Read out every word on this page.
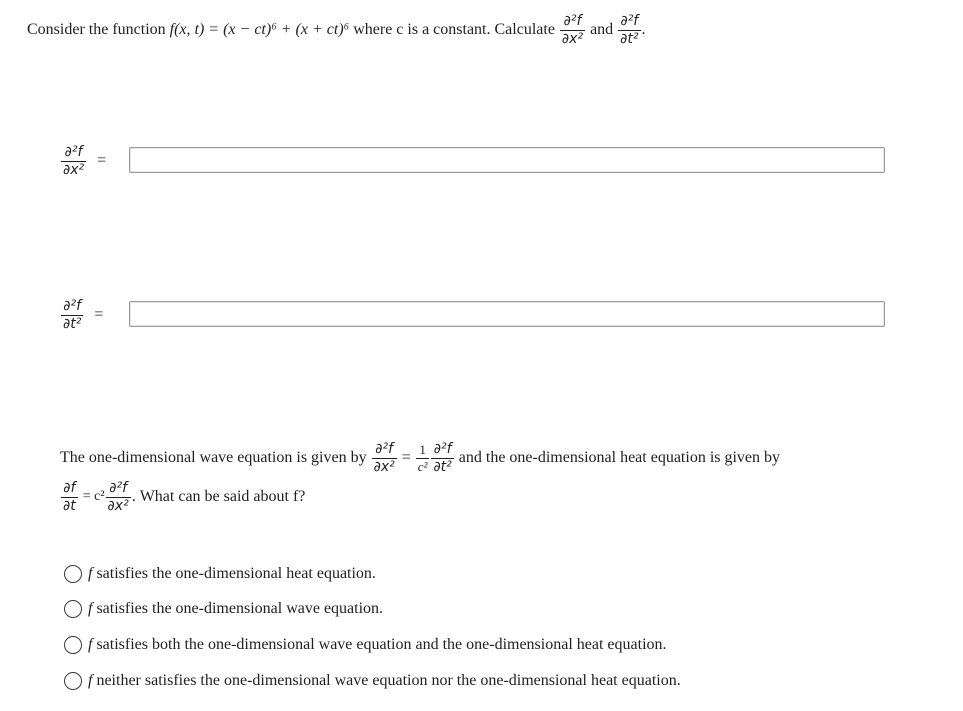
Consider the function
f(x, t) = (x − ct)⁶ + (x + ct)⁶
where c is a constant. Calculate
$\frac{\text{∂²f}}{\text{∂x²}}$
and
$\frac{\text{∂²f}}{\text{∂t²}}$ .
$\frac{\text{∂²f}}{\text{∂x²}}$ =
$\frac{\text{∂²f}}{\text{∂t²}}$ =
The one-dimensional wave equation is given by
$\frac{\text{∂²f}}{\text{∂x²}}$
=
$\frac{1}{\text{c²}} \frac{\text{∂²f}}{\text{∂t²}}$
and the one-dimensional heat equation is given by
$\frac{\partial f}{\partial t}$
= $c^2 \frac{\text{∂²f}}{\text{∂x²}}$ .
What can be said about f?
f
satisfies the one-dimensional heat equation.
f
satisfies the one-dimensional wave equation.
f
satisfies both the one-dimensional wave equation and the one-dimensional heat equation.
f
neither satisfies the one-dimensional wave equation nor the one-dimensional heat equation.
